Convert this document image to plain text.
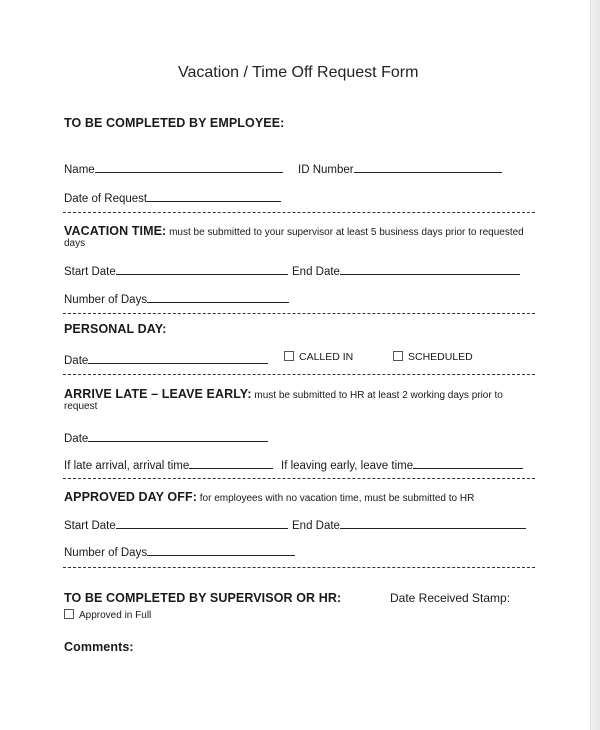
Vacation / Time Off Request Form
TO BE COMPLETED BY EMPLOYEE:
Name	ID Number
Date of Request
VACATION TIME: must be submitted to your supervisor at least 5 business days prior to requested
days
Start Date	End Date
Number of Days
PERSONAL DAY:
Date	CALLED IN	SCHEDULED
ARRIVE LATE – LEAVE EARLY: must be submitted to HR at least 2 working days prior to
request
Date
If late arrival, arrival time	If leaving early, leave time
APPROVED DAY OFF: for employees with no vacation time, must be submitted to HR
Start Date	End Date
Number of Days
TO BE COMPLETED BY SUPERVISOR OR HR:	Date Received Stamp:
Approved in Full
Comments:
